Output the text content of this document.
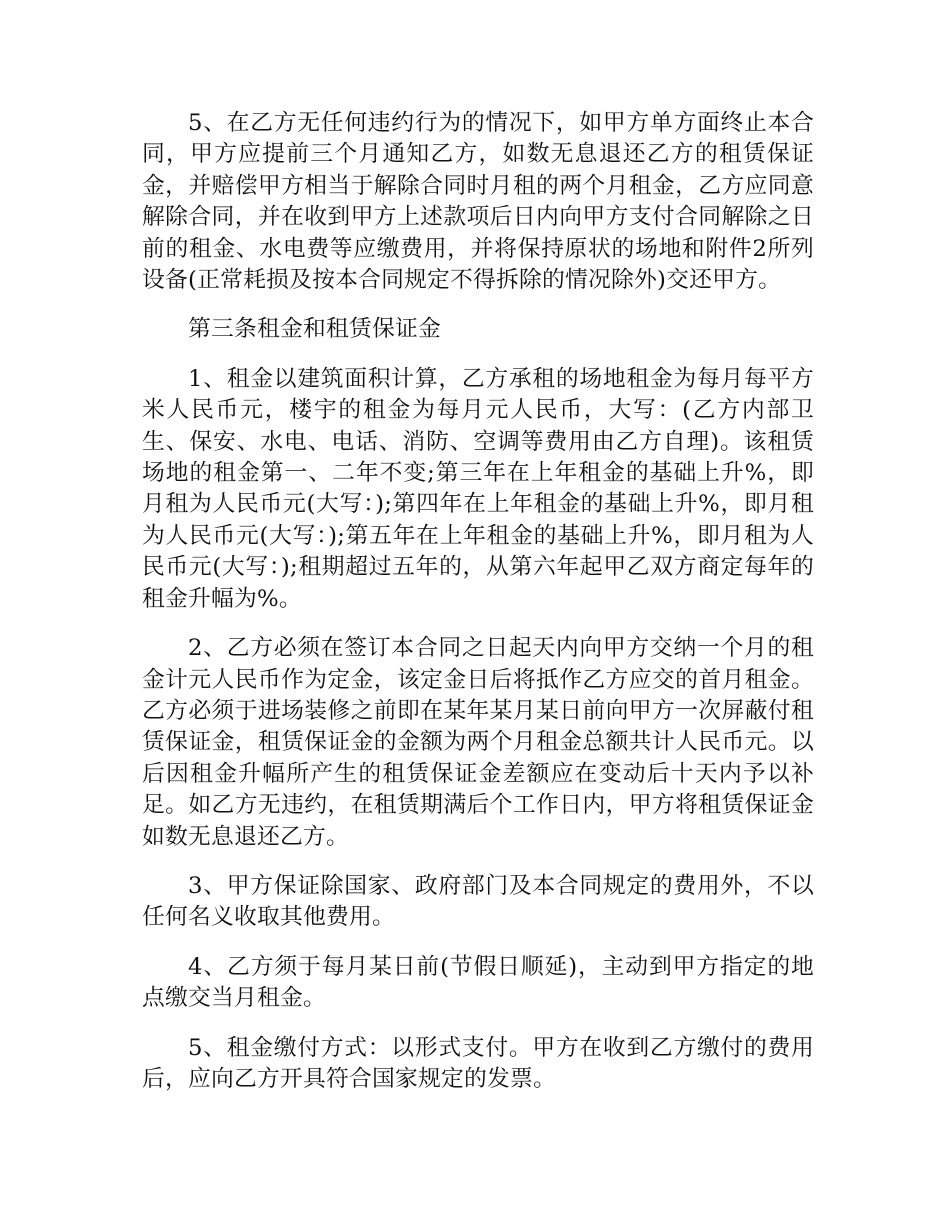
5、在乙方无任何违约行为的情况下，如甲方单方面终止本合同，甲方应提前三个月通知乙方，如数无息退还乙方的租赁保证金，并赔偿甲方相当于解除合同时月租的两个月租金，乙方应同意解除合同，并在收到甲方上述款项后日内向甲方支付合同解除之日前的租金、水电费等应缴费用，并将保持原状的场地和附件2所列设备(正常耗损及按本合同规定不得拆除的情况除外)交还甲方。

第三条租金和租赁保证金

1、租金以建筑面积计算，乙方承租的场地租金为每月每平方米人民币元，楼宇的租金为每月元人民币，大写：(乙方内部卫生、保安、水电、电话、消防、空调等费用由乙方自理)。该租赁场地的租金第一、二年不变;第三年在上年租金的基础上升%，即月租为人民币元(大写：);第四年在上年租金的基础上升%，即月租为人民币元(大写：);第五年在上年租金的基础上升%，即月租为人民币元(大写：);租期超过五年的，从第六年起甲乙双方商定每年的租金升幅为%。

2、乙方必须在签订本合同之日起天内向甲方交纳一个月的租金计元人民币作为定金，该定金日后将抵作乙方应交的首月租金。乙方必须于进场装修之前即在某年某月某日前向甲方一次屏蔽付租赁保证金，租赁保证金的金额为两个月租金总额共计人民币元。以后因租金升幅所产生的租赁保证金差额应在变动后十天内予以补足。如乙方无违约，在租赁期满后个工作日内，甲方将租赁保证金如数无息退还乙方。

3、甲方保证除国家、政府部门及本合同规定的费用外，不以任何名义收取其他费用。

4、乙方须于每月某日前(节假日顺延)，主动到甲方指定的地点缴交当月租金。

5、租金缴付方式：以形式支付。甲方在收到乙方缴付的费用后，应向乙方开具符合国家规定的发票。
